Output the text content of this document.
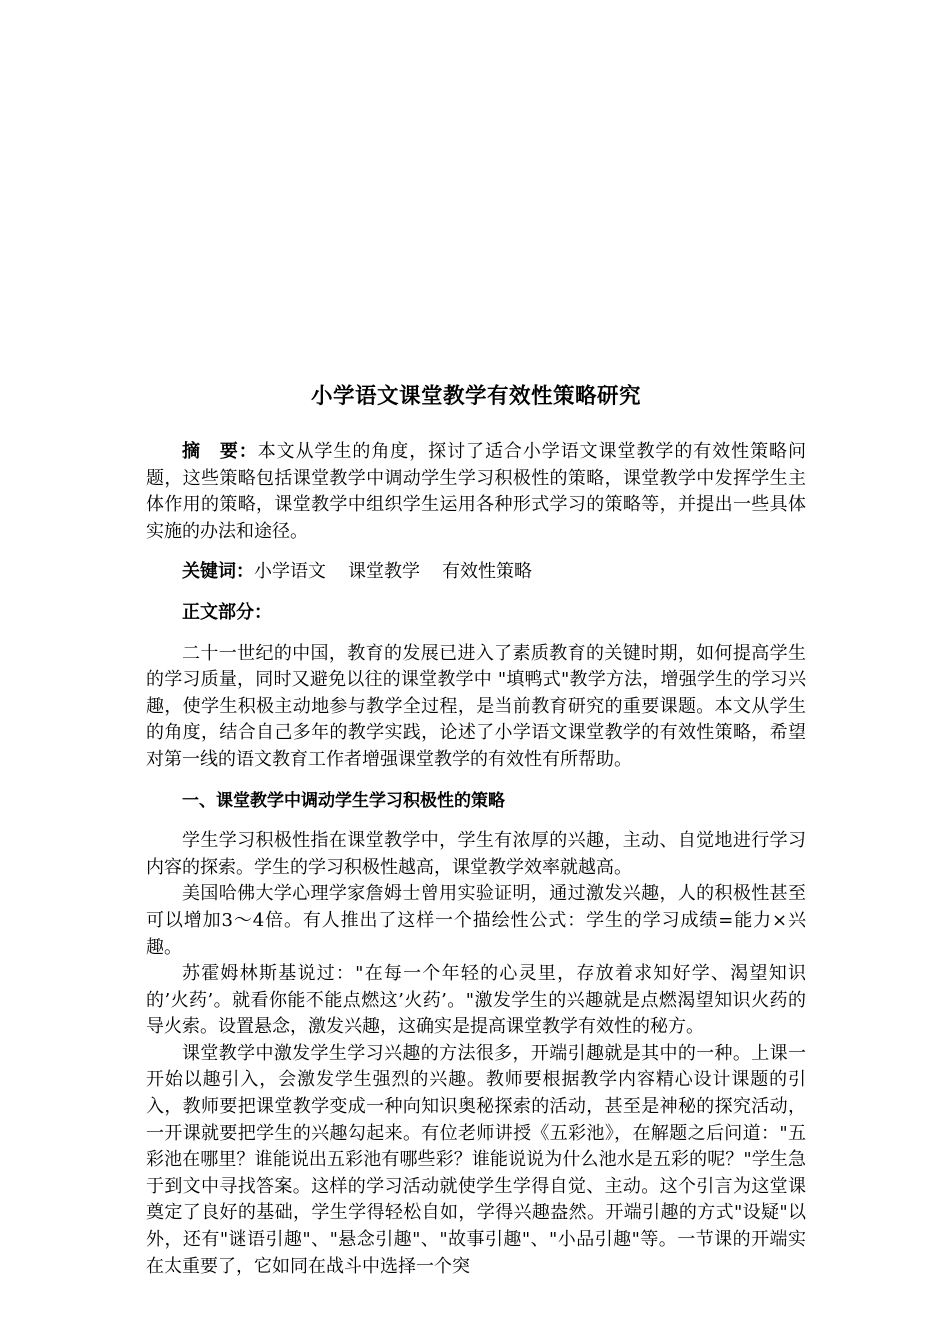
小学语文课堂教学有效性策略研究

摘　要：本文从学生的角度，探讨了适合小学语文课堂教学的有效性策略问题，这些策略包括课堂教学中调动学生学习积极性的策略，课堂教学中发挥学生主体作用的策略，课堂教学中组织学生运用各种形式学习的策略等，并提出一些具体实施的办法和途径。

关键词：小学语文 课堂教学 有效性策略

正文部分：

二十一世纪的中国，教育的发展已进入了素质教育的关键时期，如何提高学生的学习质量，同时又避免以往的课堂教学中 "填鸭式"教学方法，增强学生的学习兴趣，使学生积极主动地参与教学全过程，是当前教育研究的重要课题。本文从学生的角度，结合自己多年的教学实践，论述了小学语文课堂教学的有效性策略，希望对第一线的语文教育工作者增强课堂教学的有效性有所帮助。

一、课堂教学中调动学生学习积极性的策略

学生学习积极性指在课堂教学中，学生有浓厚的兴趣，主动、自觉地进行学习内容的探索。学生的学习积极性越高，课堂教学效率就越高。

美国哈佛大学心理学家詹姆士曾用实验证明，通过激发兴趣，人的积极性甚至可以增加3～4倍。有人推出了这样一个描绘性公式：学生的学习成绩=能力×兴趣。

苏霍姆林斯基说过："在每一个年轻的心灵里，存放着求知好学、渴望知识的’火药’。就看你能不能点燃这’火药’。"激发学生的兴趣就是点燃渴望知识火药的导火索。设置悬念，激发兴趣，这确实是提高课堂教学有效性的秘方。

课堂教学中激发学生学习兴趣的方法很多，开端引趣就是其中的一种。上课一开始以趣引入，会激发学生强烈的兴趣。教师要根据教学内容精心设计课题的引入，教师要把课堂教学变成一种向知识奥秘探索的活动，甚至是神秘的探究活动，一开课就要把学生的兴趣勾起来。有位老师讲授《五彩池》，在解题之后问道："五彩池在哪里？谁能说出五彩池有哪些彩？谁能说说为什么池水是五彩的呢？"学生急于到文中寻找答案。这样的学习活动就使学生学得自觉、主动。这个引言为这堂课奠定了良好的基础，学生学得轻松自如，学得兴趣盎然。开端引趣的方式"设疑"以外，还有"谜语引趣"、"悬念引趣"、"故事引趣"、"小品引趣"等。一节课的开端实在太重要了，它如同在战斗中选择一个突
